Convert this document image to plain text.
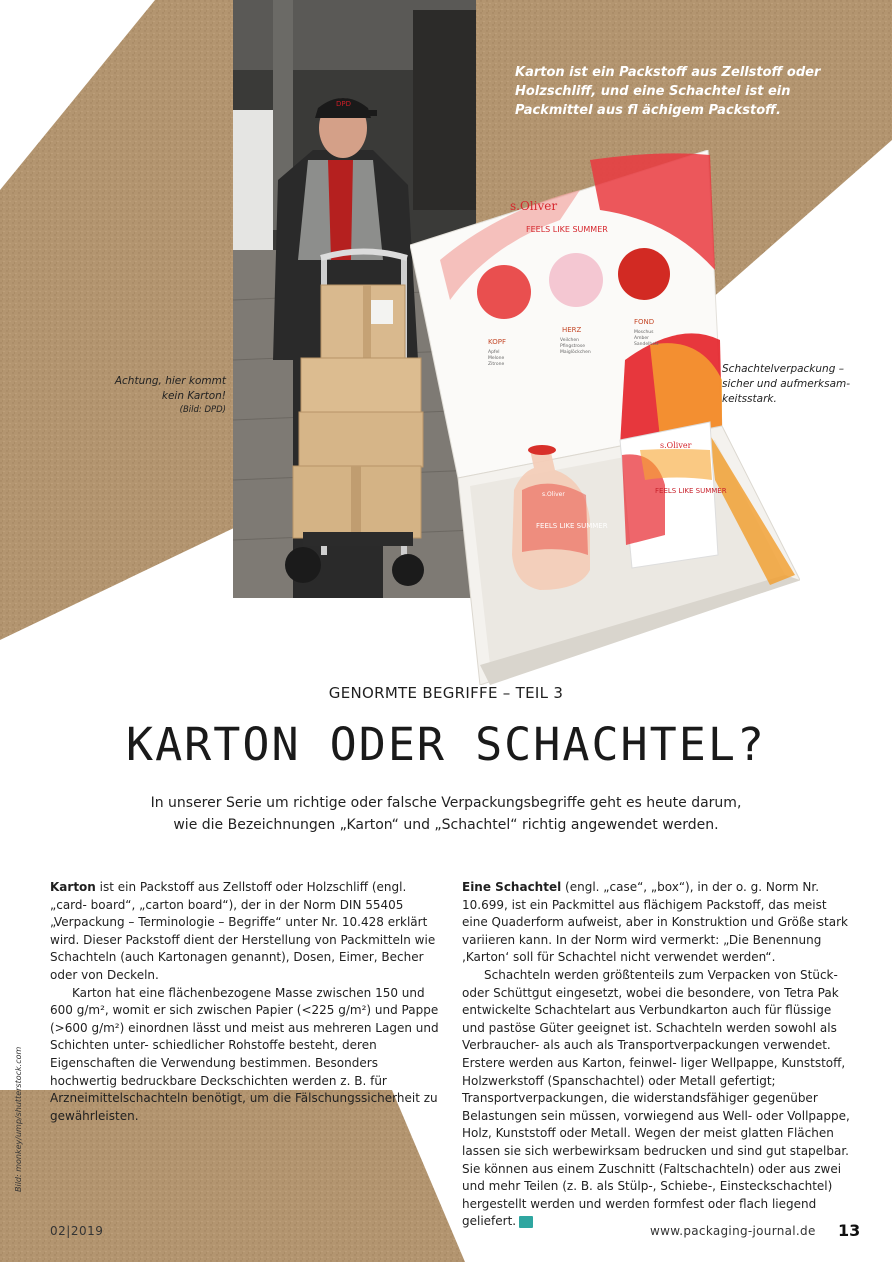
DPD
s.Oliver
FEELS LIKE SUMMER
KOPF
Apfel
Melone
Zitrone
HERZ
Veilchen
Pfingstrose
Maiglöckchen
FOND
Moschus
Amber
Sandelholz
s.Oliver
FEELS LIKE SUMMER
s.Oliver
FEELS LIKE SUMMER
Karton ist ein Packstoff aus Zellstoff oder Holzschliff, und eine Schachtel ist ein Packmittel aus fl ächigem Packstoff.
Achtung, hier kommt kein Karton!
(Bild: DPD)
Schachtelverpackung –
sicher und aufmerksam-
keitsstark.
GENORMTE BEGRIFFE – TEIL 3
KARTON ODER SCHACHTEL?
In unserer Serie um richtige oder falsche Verpackungsbegriffe geht es heute darum,
wie die Bezeichnungen „Karton“ und „Schachtel“ richtig angewendet werden.

Karton ist ein Packstoff aus Zellstoff oder Holzschliff (engl. „card- board“, „carton board“), der in der Norm DIN 55405 „Verpackung – Terminologie – Begriffe“ unter Nr. 10.428 erklärt wird. Dieser Packstoff dient der Herstellung von Packmitteln wie Schachteln (auch Kartonagen genannt), Dosen, Eimer, Becher oder von Deckeln.

Karton hat eine flächenbezogene Masse zwischen 150 und 600 g/m², womit er sich zwischen Papier (<225 g/m²) und Pappe (>600 g/m²) einordnen lässt und meist aus mehreren Lagen und Schichten unter- schiedlicher Rohstoffe besteht, deren Eigenschaften die Verwendung bestimmen. Besonders hochwertig bedruckbare Deckschichten werden z. B. für Arzneimittelschachteln benötigt, um die Fälschungssicherheit zu gewährleisten.

Eine Schachtel (engl. „case“, „box“), in der o. g. Norm Nr. 10.699, ist ein Packmittel aus flächigem Packstoff, das meist eine Quaderform aufweist, aber in Konstruktion und Größe stark variieren kann. In der Norm wird vermerkt: „Die Benennung ‚Karton‘ soll für Schachtel nicht verwendet werden“.

Schachteln werden größtenteils zum Verpacken von Stück- oder Schüttgut eingesetzt, wobei die besondere, von Tetra Pak entwickelte Schachtelart aus Verbundkarton auch für flüssige und pastöse Güter geeignet ist. Schachteln werden sowohl als Verbraucher- als auch als Transportverpackungen verwendet. Erstere werden aus Karton, feinwel- liger Wellpappe, Kunststoff, Holzwerkstoff (Spanschachtel) oder Metall gefertigt; Transportverpackungen, die widerstandsfähiger gegenüber Belastungen sein müssen, vorwiegend aus Well- oder Vollpappe, Holz, Kunststoff oder Metall. Wegen der meist glatten Flächen lassen sie sich werbewirksam bedrucken und sind gut stapelbar. Sie können aus einem Zuschnitt (Faltschachteln) oder aus zwei und mehr Teilen (z. B. als Stülp-, Schiebe-, Einsteckschachtel) hergestellt werden und werden formfest oder flach liegend geliefert.	PJ

Bild: monkey/ump/shutterstock.com
02|2019	www.packaging-journal.de 13
